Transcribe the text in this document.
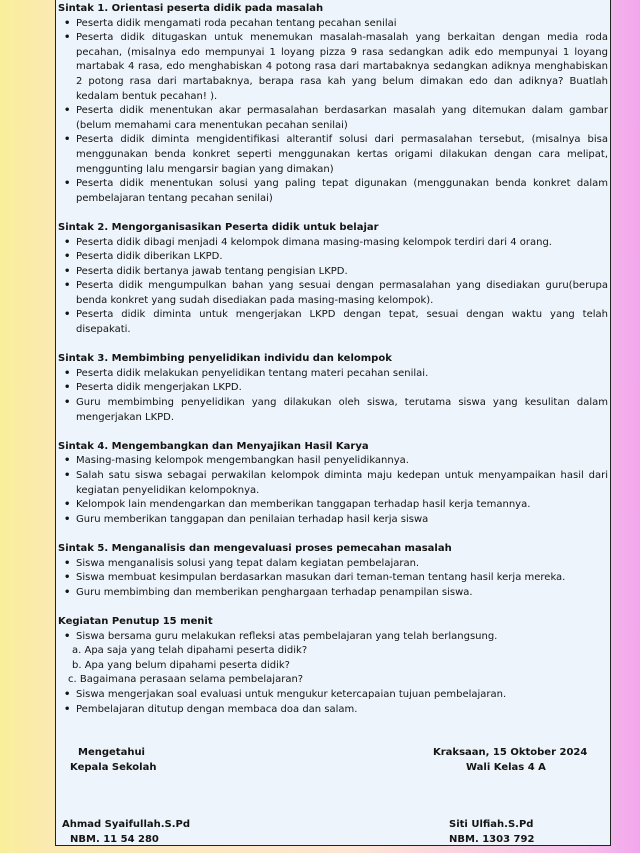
Sintak 1. Orientasi peserta didik pada masalah
• Peserta didik mengamati roda pecahan tentang pecahan senilai
• Peserta didik ditugaskan untuk menemukan masalah-masalah yang berkaitan dengan media roda pecahan, (misalnya edo mempunyai 1 loyang pizza 9 rasa sedangkan adik edo mempunyai 1 loyang martabak 4 rasa, edo menghabiskan 4 potong rasa dari martabaknya sedangkan adiknya menghabiskan 2 potong rasa dari martabaknya, berapa rasa kah yang belum dimakan edo dan adiknya? Buatlah kedalam bentuk pecahan! ).
• Peserta didik menentukan akar permasalahan berdasarkan masalah yang ditemukan dalam gambar (belum memahami cara menentukan pecahan senilai)
• Peserta didik diminta mengidentifikasi alterantif solusi dari permasalahan tersebut, (misalnya bisa menggunakan benda konkret seperti menggunakan kertas origami dilakukan dengan cara melipat, menggunting lalu mengarsir bagian yang dimakan)
• Peserta didik menentukan solusi yang paling tepat digunakan (menggunakan benda konkret dalam pembelajaran tentang pecahan senilai)
Sintak 2. Mengorganisasikan Peserta didik untuk belajar
• Peserta didik dibagi menjadi 4 kelompok dimana masing-masing kelompok terdiri dari 4 orang.
• Peserta didik diberikan LKPD.
• Peserta didik bertanya jawab tentang pengisian LKPD.
• Peserta didik mengumpulkan bahan yang sesuai dengan permasalahan yang disediakan guru(berupa benda konkret yang sudah disediakan pada masing-masing kelompok).
• Peserta didik diminta untuk mengerjakan LKPD dengan tepat, sesuai dengan waktu yang telah disepakati.
Sintak 3. Membimbing penyelidikan individu dan kelompok
• Peserta didik melakukan penyelidikan tentang materi pecahan senilai.
• Peserta didik mengerjakan LKPD.
• Guru membimbing penyelidikan yang dilakukan oleh siswa, terutama siswa yang kesulitan dalam mengerjakan LKPD.
Sintak 4. Mengembangkan dan Menyajikan Hasil Karya
• Masing-masing kelompok mengembangkan hasil penyelidikannya.
• Salah satu siswa sebagai perwakilan kelompok diminta maju kedepan untuk menyampaikan hasil dari kegiatan penyelidikan kelompoknya.
• Kelompok lain mendengarkan dan memberikan tanggapan terhadap hasil kerja temannya.
• Guru memberikan tanggapan dan penilaian terhadap hasil kerja siswa
Sintak 5. Menganalisis dan mengevaluasi proses pemecahan masalah
• Siswa menganalisis solusi yang tepat dalam kegiatan pembelajaran.
• Siswa membuat kesimpulan berdasarkan masukan dari teman-teman tentang hasil kerja mereka.
• Guru membimbing dan memberikan penghargaan terhadap penampilan siswa.
Kegiatan Penutup 15 menit
• Siswa bersama guru melakukan refleksi atas pembelajaran yang telah berlangsung.
a. Apa saja yang telah dipahami peserta didik?
b. Apa yang belum dipahami peserta didik?
c. Bagaimana perasaan selama pembelajaran?
• Siswa mengerjakan soal evaluasi untuk mengukur ketercapaian tujuan pembelajaran.
• Pembelajaran ditutup dengan membaca doa dan salam.
Mengetahui
Kepala Sekolah
Ahmad Syaifullah.S.Pd
NBM. 11 54 280
Kraksaan, 15 Oktober 2024
Wali Kelas 4 A
Siti Ulfiah.S.Pd
NBM. 1303 792
